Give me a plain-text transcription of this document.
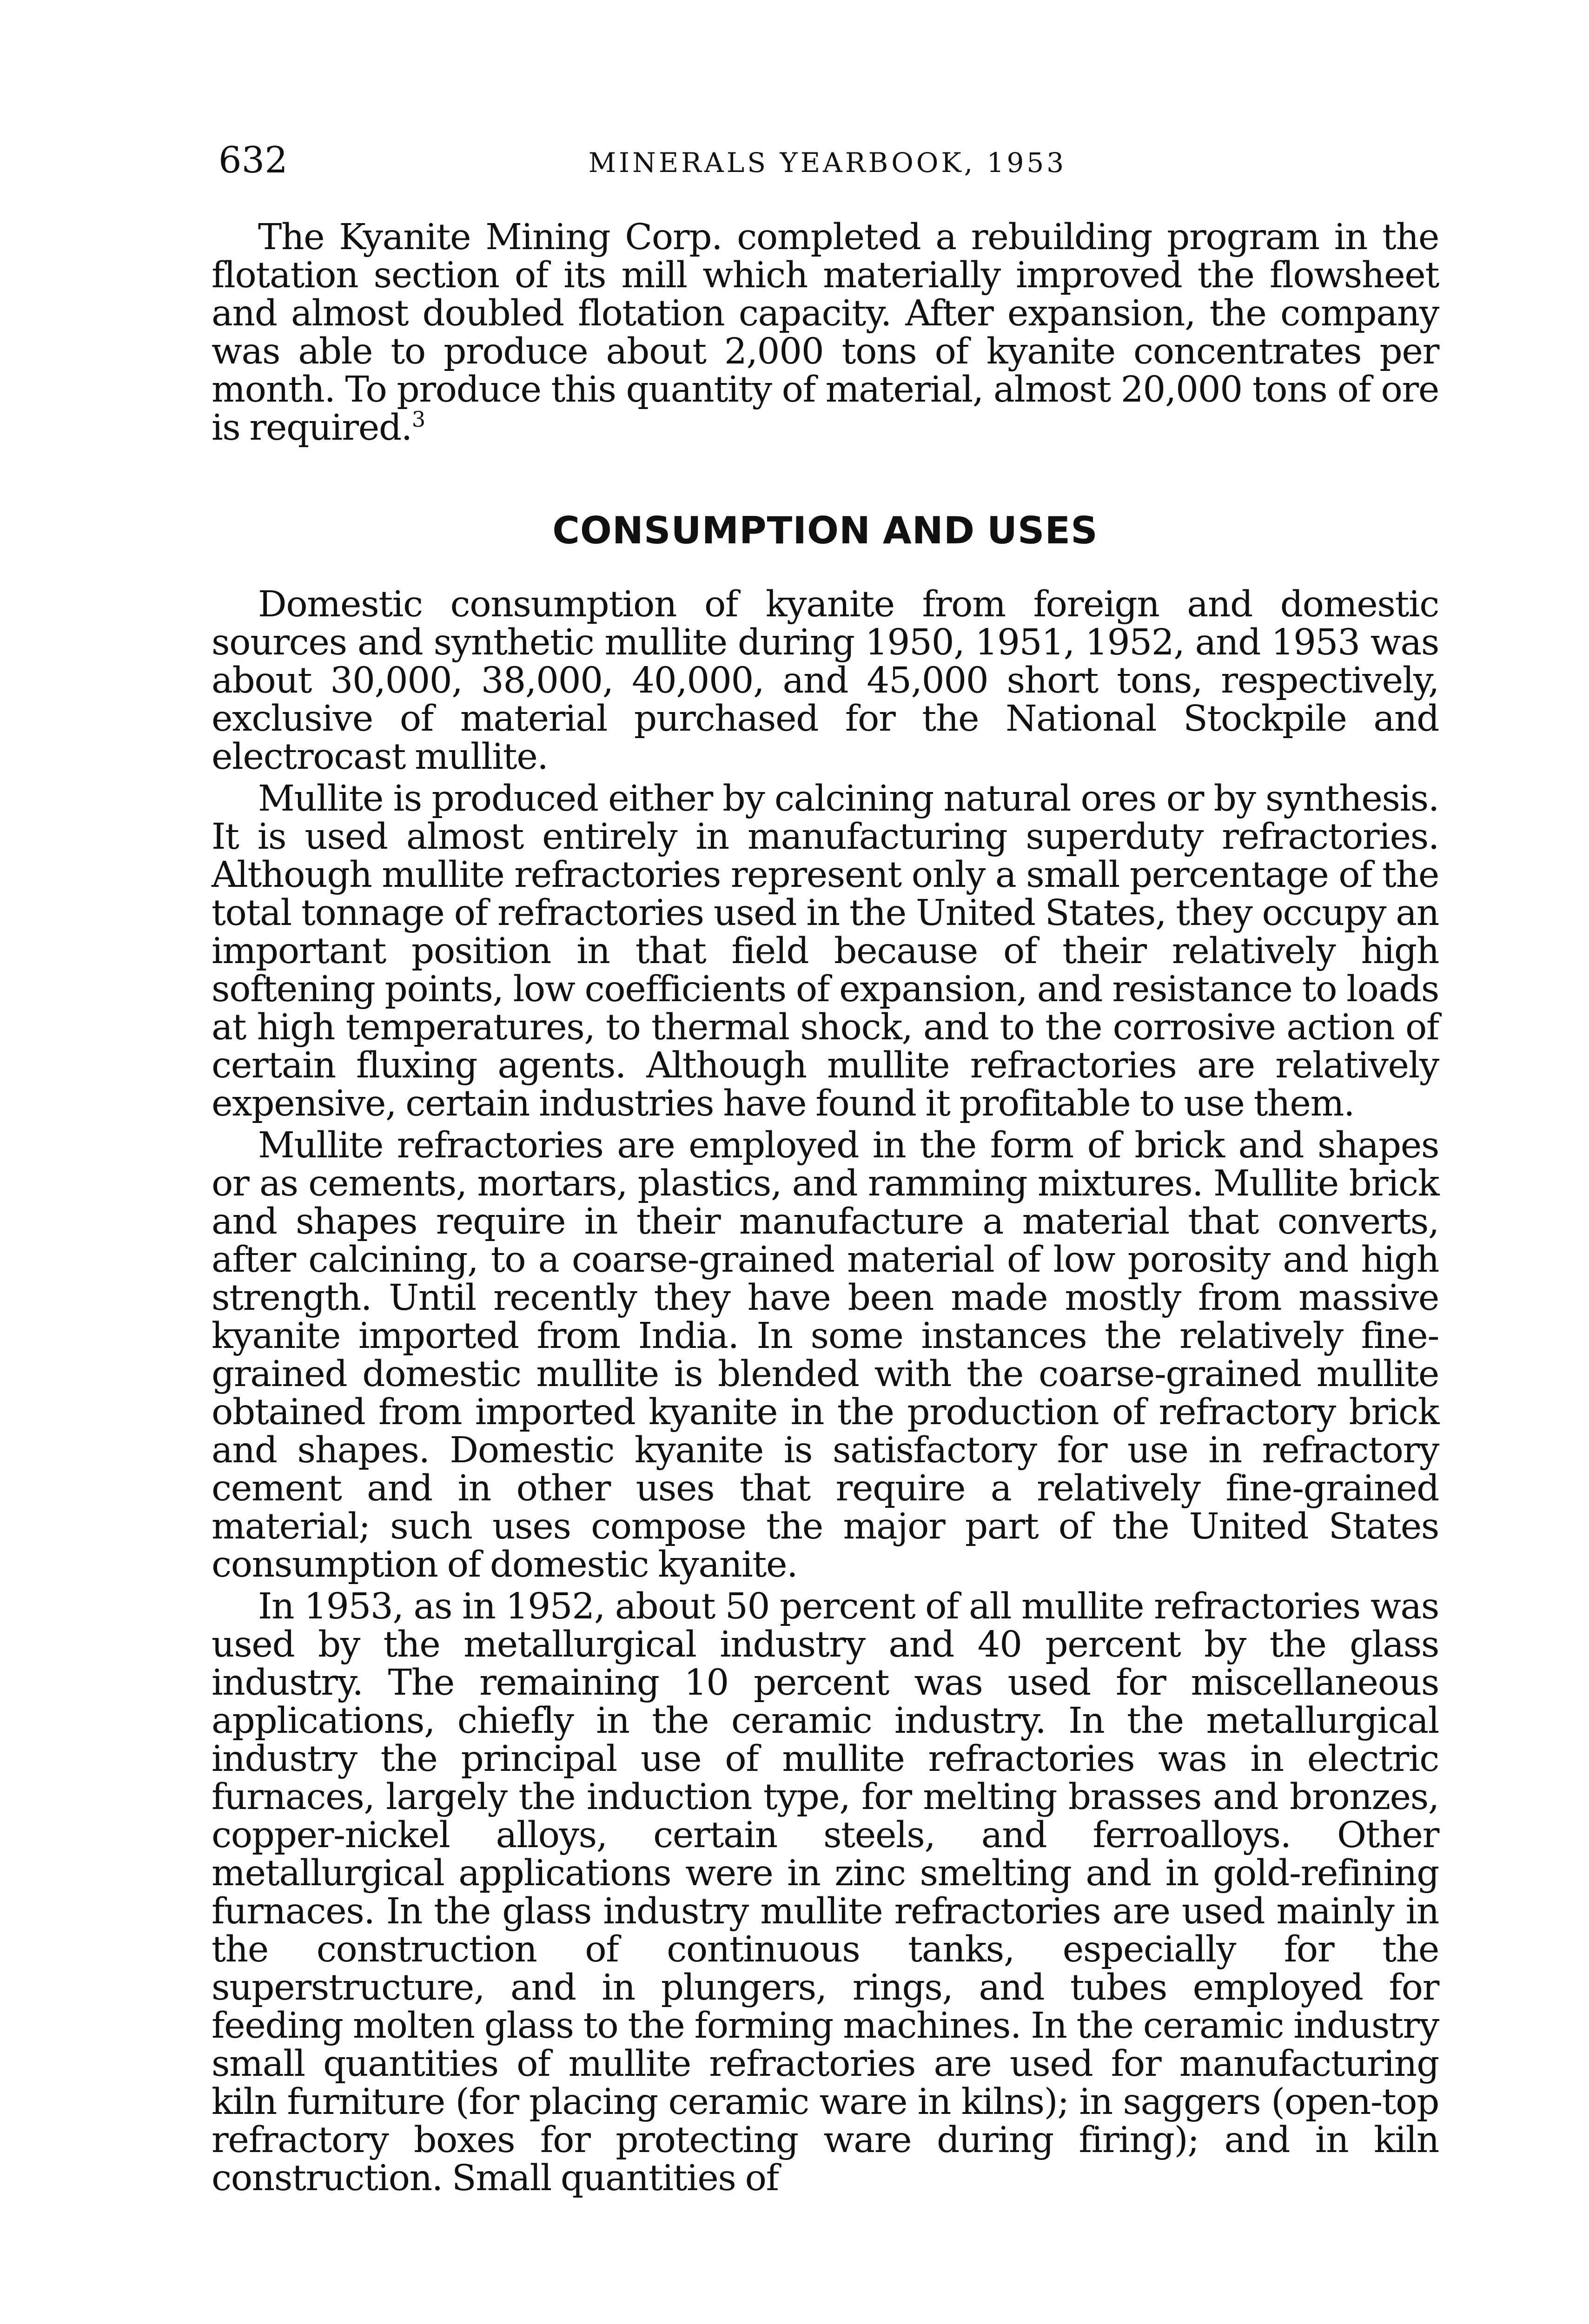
632	MINERALS YEARBOOK, 1953

The Kyanite Mining Corp. completed a rebuilding program in the flotation section of its mill which materially improved the flowsheet and almost doubled flotation capacity. After expansion, the company was able to produce about 2,000 tons of kyanite concentrates per month. To produce this quantity of material, almost 20,000 tons of ore is required.$^3$

CONSUMPTION AND USES

Domestic consumption of kyanite from foreign and domestic sources and synthetic mullite during 1950, 1951, 1952, and 1953 was about 30,000, 38,000, 40,000, and 45,000 short tons, respectively, exclusive of material purchased for the National Stockpile and electrocast mullite.

Mullite is produced either by calcining natural ores or by synthesis. It is used almost entirely in manufacturing superduty refractories. Although mullite refractories represent only a small percentage of the total tonnage of refractories used in the United States, they occupy an important position in that field because of their relatively high softening points, low coefficients of expansion, and resistance to loads at high temperatures, to thermal shock, and to the corrosive action of certain fluxing agents. Although mullite refractories are relatively expensive, certain industries have found it profitable to use them.

Mullite refractories are employed in the form of brick and shapes or as cements, mortars, plastics, and ramming mixtures. Mullite brick and shapes require in their manufacture a material that converts, after calcining, to a coarse-grained material of low porosity and high strength. Until recently they have been made mostly from massive kyanite imported from India. In some instances the relatively fine-grained domestic mullite is blended with the coarse-grained mullite obtained from imported kyanite in the production of refractory brick and shapes. Domestic kyanite is satisfactory for use in refractory cement and in other uses that require a relatively fine-grained material; such uses compose the major part of the United States consumption of domestic kyanite.

In 1953, as in 1952, about 50 percent of all mullite refractories was used by the metallurgical industry and 40 percent by the glass industry. The remaining 10 percent was used for miscellaneous applications, chiefly in the ceramic industry. In the metallurgical industry the principal use of mullite refractories was in electric furnaces, largely the induction type, for melting brasses and bronzes, copper-nickel alloys, certain steels, and ferroalloys. Other metallurgical applications were in zinc smelting and in gold-refining furnaces. In the glass industry mullite refractories are used mainly in the construction of continuous tanks, especially for the superstructure, and in plungers, rings, and tubes employed for feeding molten glass to the forming machines. In the ceramic industry small quantities of mullite refractories are used for manufacturing kiln furniture (for placing ceramic ware in kilns); in saggers (open-top refractory boxes for protecting ware during firing); and in kiln construction. Small quantities of
